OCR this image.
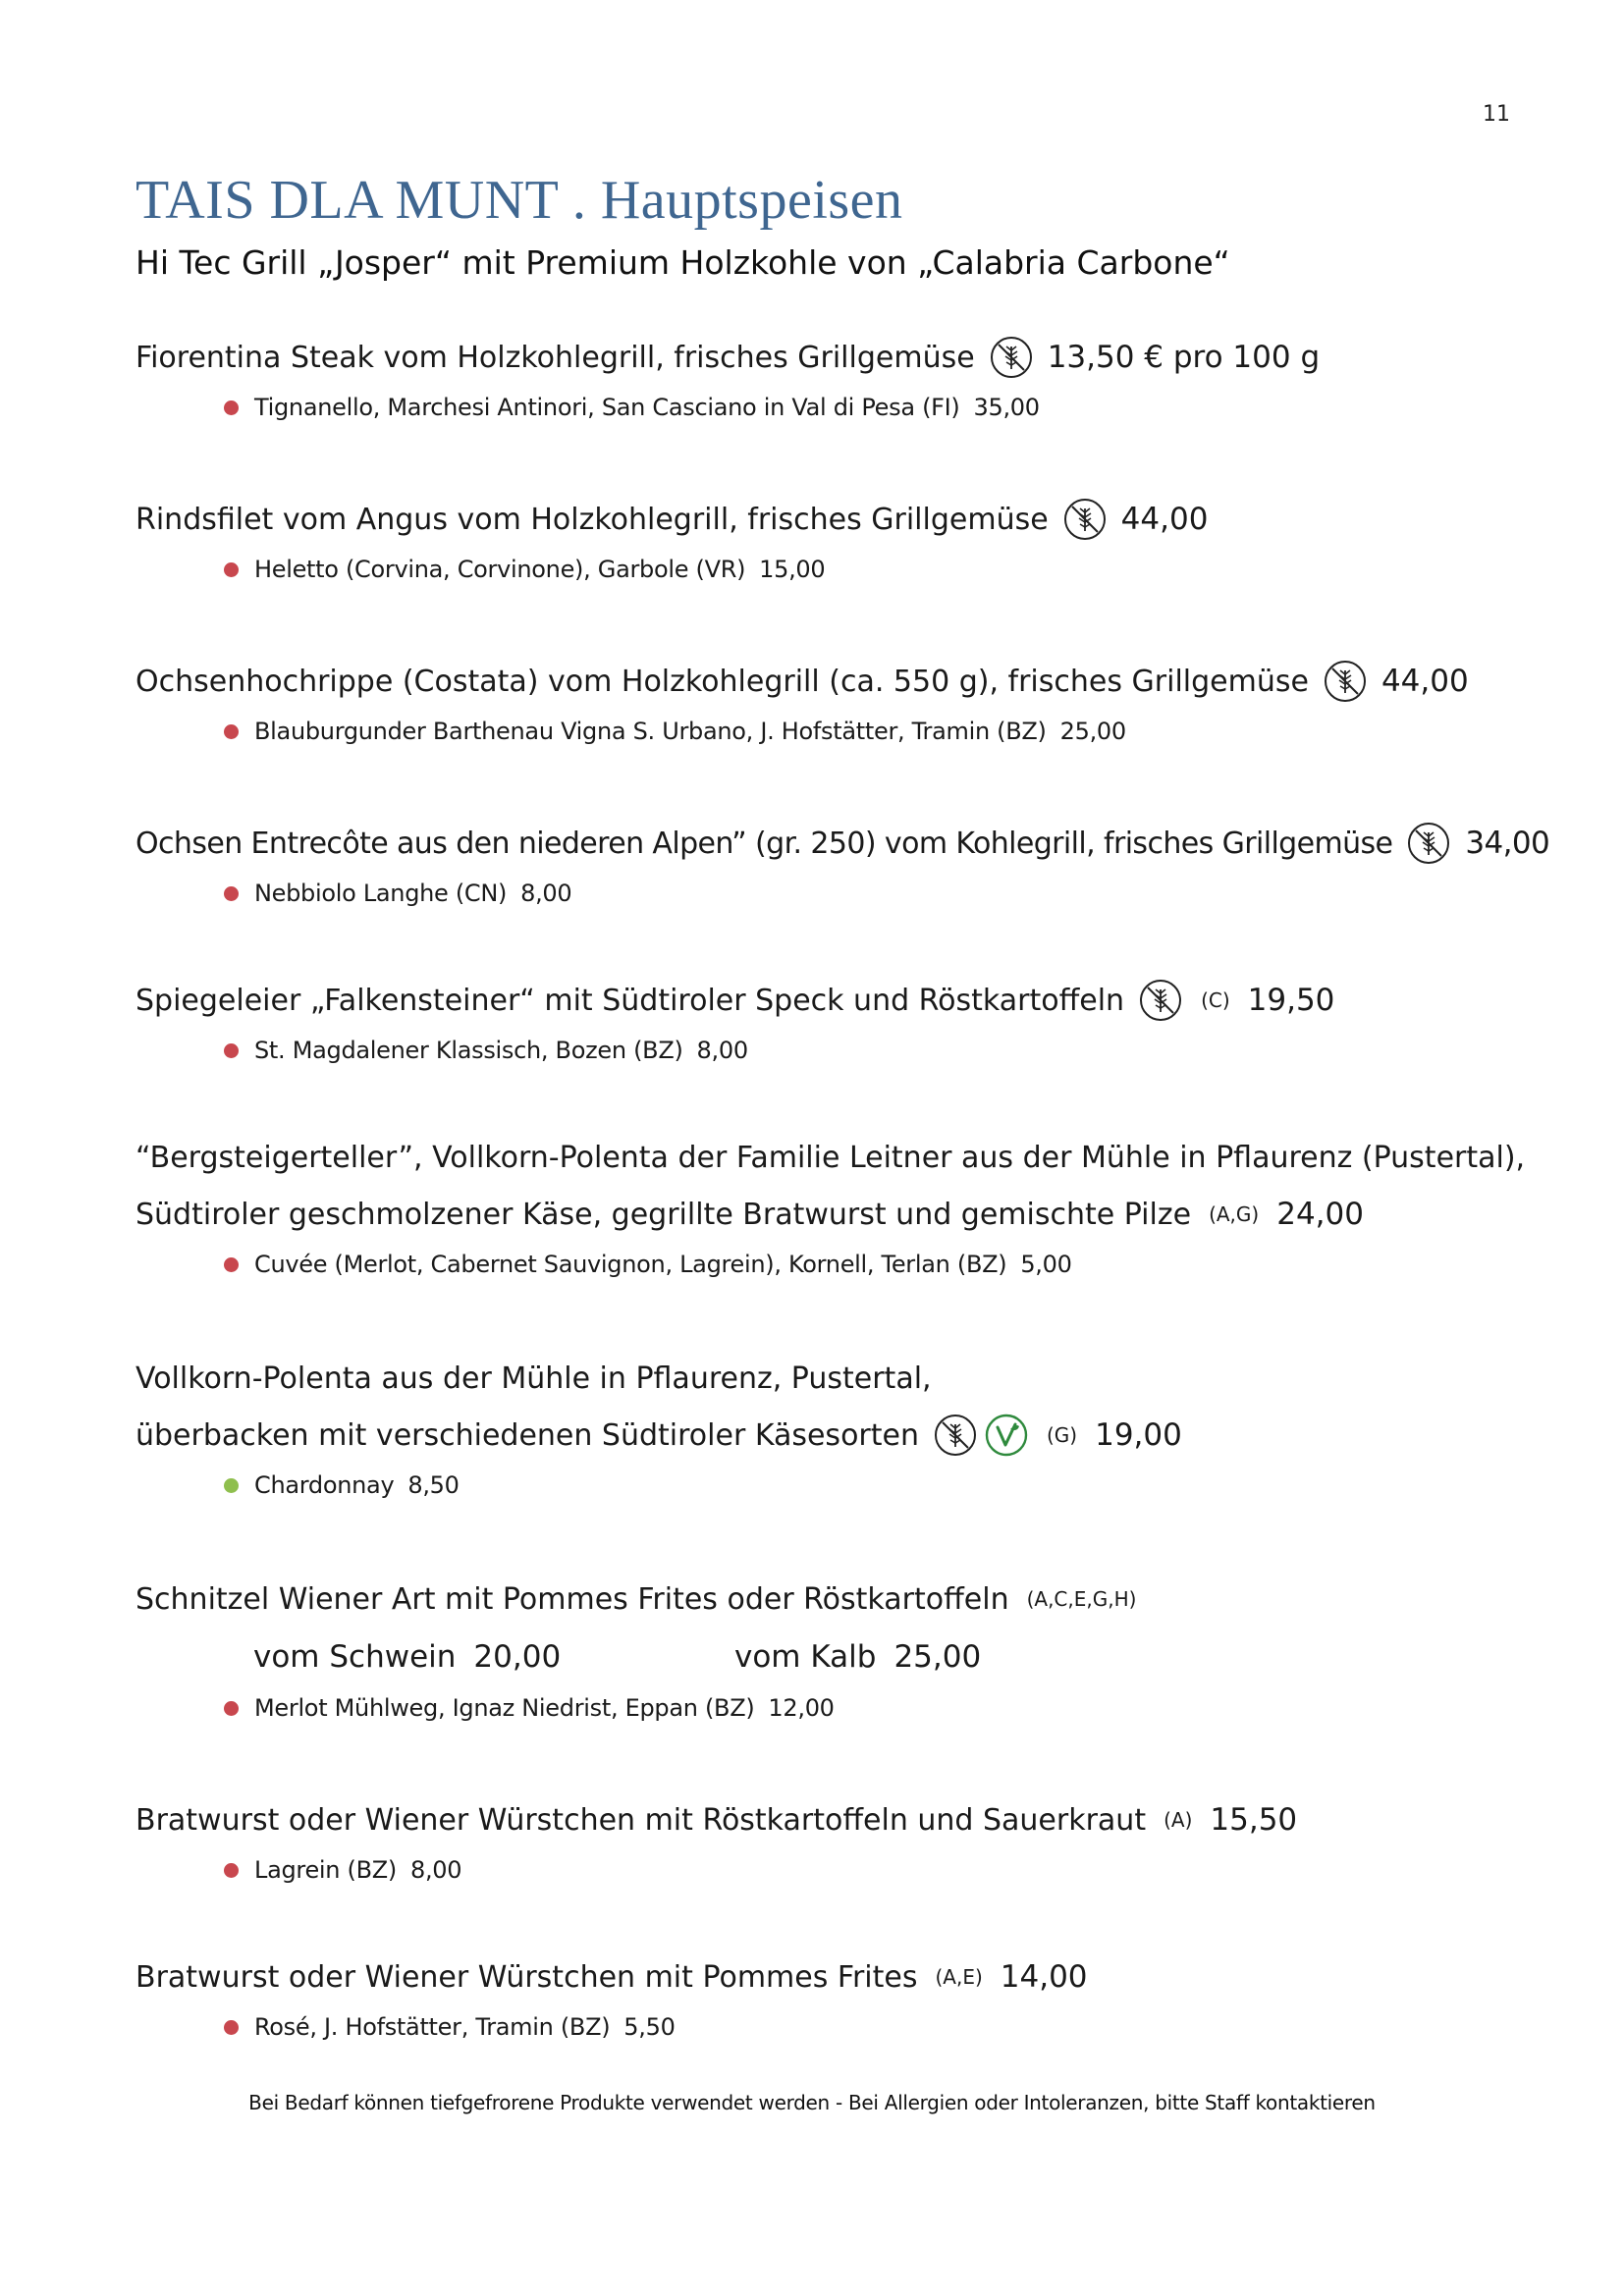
11
TAIS DLA MUNT . Hauptspeisen
Hi Tec Grill „Josper“ mit Premium Holzkohle von „Calabria Carbone“
Fiorentina Steak vom Holzkohlegrill, frisches Grillgemüse 13,50 € pro 100 g
Tignanello, Marchesi Antinori, San Casciano in Val di Pesa (FI) 35,00
Rindsfilet vom Angus vom Holzkohlegrill, frisches Grillgemüse 44,00
Heletto (Corvina, Corvinone), Garbole (VR) 15,00
Ochsenhochrippe (Costata) vom Holzkohlegrill (ca. 550 g), frisches Grillgemüse 44,00
Blauburgunder Barthenau Vigna S. Urbano, J. Hofstätter, Tramin (BZ) 25,00
Ochsen Entrecôte aus den niederen Alpen” (gr. 250) vom Kohlegrill, frisches Grillgemüse 34,00
Nebbiolo Langhe (CN) 8,00
Spiegeleier „Falkensteiner“ mit Südtiroler Speck und Röstkartoffeln	(C) 19,50
St. Magdalener Klassisch, Bozen (BZ) 8,00
“Bergsteigerteller”, Vollkorn-Polenta der Familie Leitner aus der Mühle in Pflaurenz (Pustertal),
Südtiroler geschmolzener Käse, gegrillte Bratwurst und gemischte Pilze (A,G) 24,00
Cuvée (Merlot, Cabernet Sauvignon, Lagrein), Kornell, Terlan (BZ) 5,00
Vollkorn-Polenta aus der Mühle in Pflaurenz, Pustertal,
überbacken mit verschiedenen Südtiroler Käsesorten	(G) 19,00
Chardonnay 8,50
Schnitzel Wiener Art mit Pommes Frites oder Röstkartoffeln (A,C,E,G,H)
vom Schwein 20,00	vom Kalb 25,00
Merlot Mühlweg, Ignaz Niedrist, Eppan (BZ) 12,00
Bratwurst oder Wiener Würstchen mit Röstkartoffeln und Sauerkraut (A) 15,50
Lagrein (BZ) 8,00
Bratwurst oder Wiener Würstchen mit Pommes Frites (A,E) 14,00
Rosé, J. Hofstätter, Tramin (BZ) 5,50
Bei Bedarf können tiefgefrorene Produkte verwendet werden - Bei Allergien oder Intoleranzen, bitte Staff kontaktieren
